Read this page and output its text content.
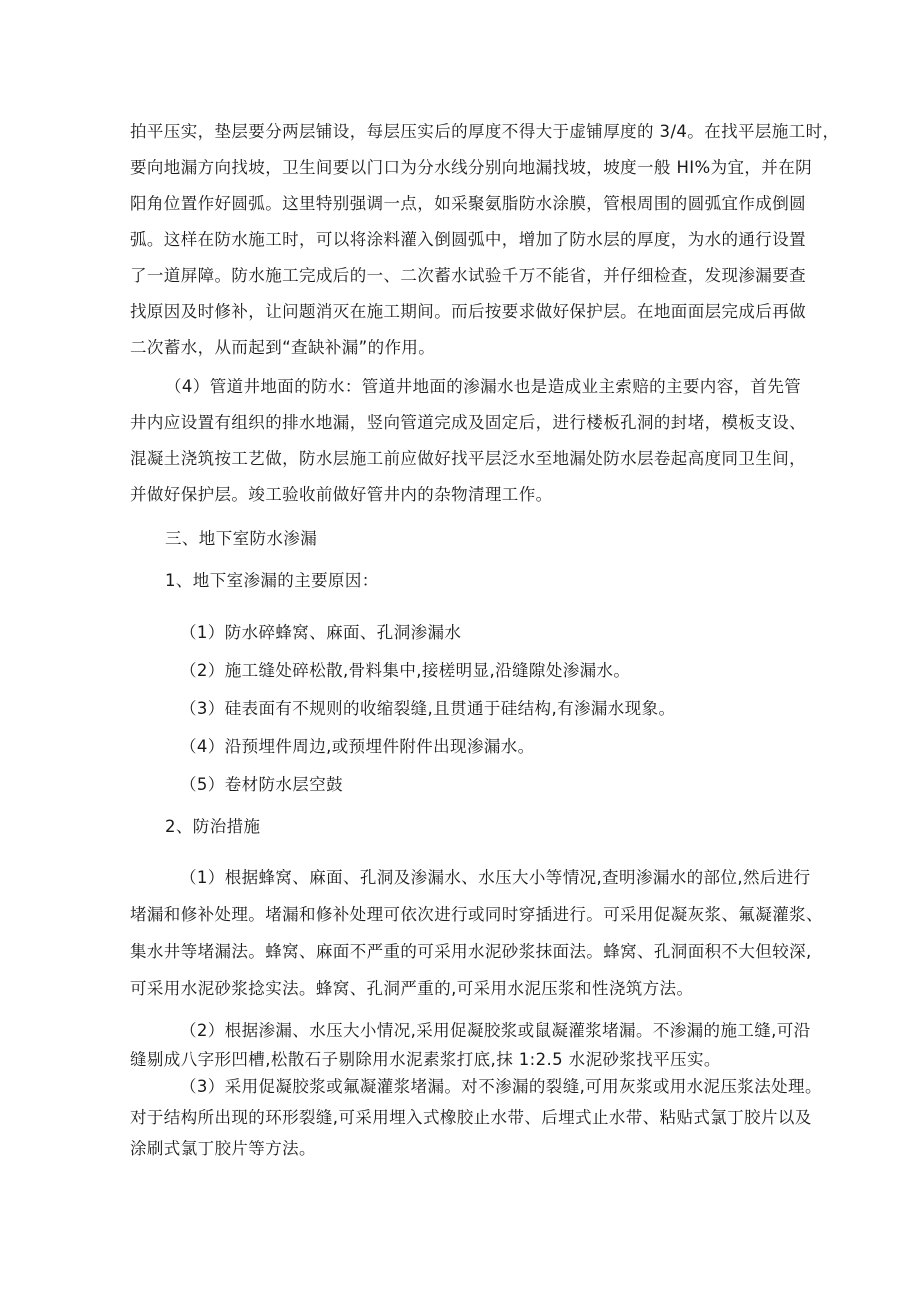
拍平压实，垫层要分两层铺设，每层压实后的厚度不得大于虚铺厚度的 3/4。在找平层施工时，

要向地漏方向找坡，卫生间要以门口为分水线分别向地漏找坡，坡度一般 HI%为宜，并在阴

阳角位置作好圆弧。这里特别强调一点，如采聚氨脂防水涂膜，管根周围的圆弧宜作成倒圆

弧。这样在防水施工时，可以将涂料灌入倒圆弧中，增加了防水层的厚度，为水的通行设置

了一道屏障。防水施工完成后的一、二次蓄水试验千万不能省，并仔细检查，发现渗漏要查

找原因及时修补，让问题消灭在施工期间。而后按要求做好保护层。在地面面层完成后再做

二次蓄水，从而起到“查缺补漏”的作用。

（4）管道井地面的防水：管道井地面的渗漏水也是造成业主索赔的主要内容，首先管

井内应设置有组织的排水地漏，竖向管道完成及固定后，进行楼板孔洞的封堵，模板支设、

混凝土浇筑按工艺做，防水层施工前应做好找平层泛水至地漏处防水层卷起高度同卫生间，

并做好保护层。竣工验收前做好管井内的杂物清理工作。

三、地下室防水渗漏

1、地下室渗漏的主要原因：

（1）防水碎蜂窝、麻面、孔洞渗漏水

（2）施工缝处碎松散,骨料集中,接槎明显,沿缝隙处渗漏水。

（3）硅表面有不规则的收缩裂缝,且贯通于硅结构,有渗漏水现象。

（4）沿预埋件周边,或预埋件附件出现渗漏水。

（5）卷材防水层空鼓

2、防治措施

（1）根据蜂窝、麻面、孔洞及渗漏水、水压大小等情况,查明渗漏水的部位,然后进行

堵漏和修补处理。堵漏和修补处理可依次进行或同时穿插进行。可采用促凝灰浆、氟凝灌浆、

集水井等堵漏法。蜂窝、麻面不严重的可采用水泥砂浆抹面法。蜂窝、孔洞面积不大但较深,

可采用水泥砂浆捻实法。蜂窝、孔洞严重的,可采用水泥压浆和性浇筑方法。

（2）根据渗漏、水压大小情况,采用促凝胶浆或鼠凝灌浆堵漏。不渗漏的施工缝,可沿

缝剔成八字形凹槽,松散石子剔除用水泥素浆打底,抹 1:2.5 水泥砂浆找平压实。

（3）采用促凝胶浆或氟凝灌浆堵漏。对不渗漏的裂缝,可用灰浆或用水泥压浆法处理。

对于结构所出现的环形裂缝,可采用埋入式橡胶止水带、后埋式止水带、粘贴式氯丁胶片以及

涂刷式氯丁胶片等方法。
